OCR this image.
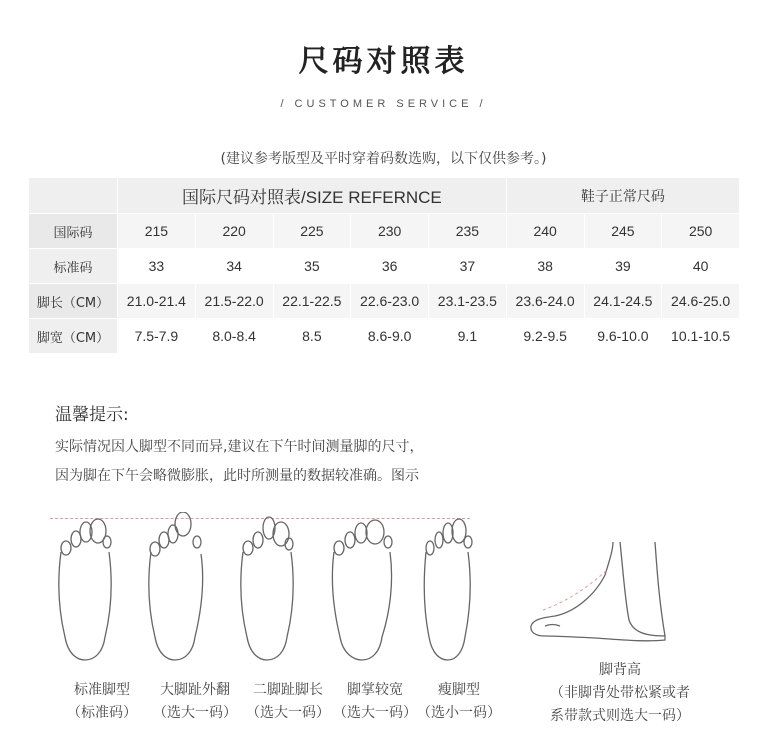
尺码对照表
/ CUSTOMER SERVICE /
(建议参考版型及平时穿着码数选购，以下仅供参考。)
	国际尺码对照表/SIZE REFERNCE					鞋子正常尺码		
国际码	215	220	225	230	235	240	245	250
标准码	33	34	35	36	37	38	39	40
脚长（CM）	21.0-21.4	21.5-22.0	22.1-22.5	22.6-23.0	23.1-23.5	23.6-24.0	24.1-24.5	24.6-25.0
脚宽（CM）	7.5-7.9	8.0-8.4	8.5	8.6-9.0	9.1	9.2-9.5	9.6-10.0	10.1-10.5
温馨提示:
实际情况因人脚型不同而异,建议在下午时间测量脚的尺寸，
因为脚在下午会略微膨胀，此时所测量的数据较准确。图示
标准脚型
（标准码）
大脚趾外翻
（选大一码）
二脚趾脚长
（选大一码）
脚掌较宽
（选大一码）
瘦脚型
（选小一码）
脚背高
（非脚背处带松紧或者
系带款式则选大一码）
